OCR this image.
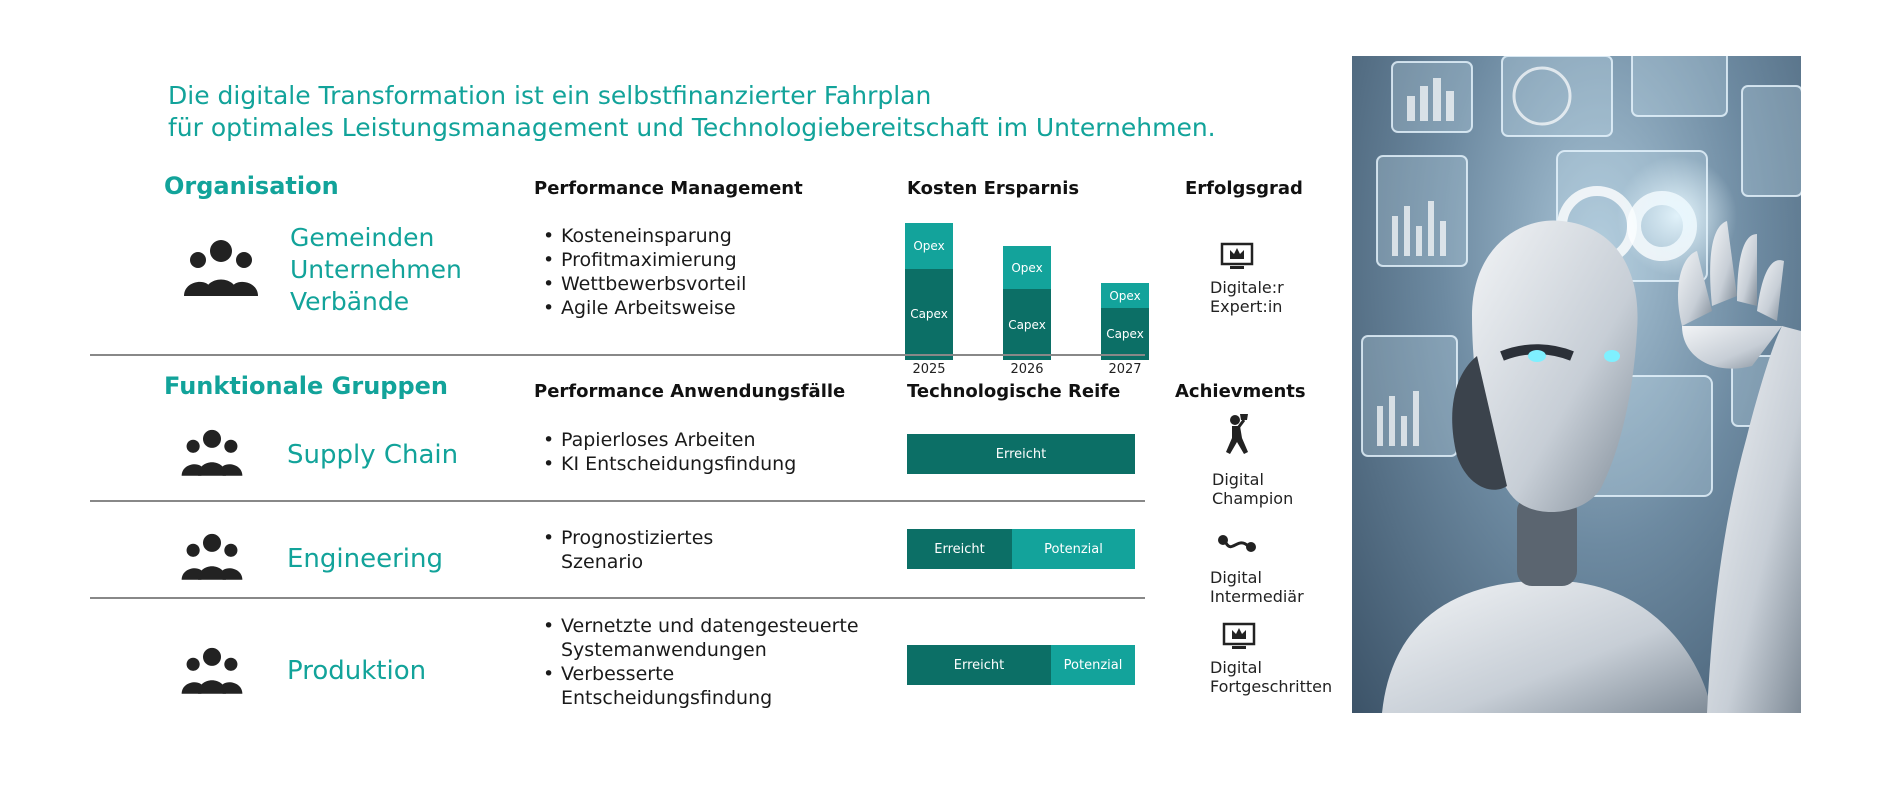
Die digitale Transformation ist ein selbstfinanzierter Fahrplan
für optimales Leistungsmanagement und Technologiebereitschaft im Unternehmen.
Organisation	Performance Management	Kosten Ersparnis	Erfolgsgrad
Gemeinden
Unternehmen
Verbände
• Kosteneinsparung
• Profitmaximierung
• Wettbewerbsvorteil
• Agile Arbeitsweise	Capex
Opex
2025
Capex
Opex
2026
Capex
Opex
2027
Digitale:r
Expert:in
Funktionale Gruppen	Performance Anwendungsfälle	Technologische Reife	Achievments
Supply Chain
•	Papierloses Arbeiten
• KI Entscheidungsfindung	Erreicht
Engineering
• Prognostiziertes Szenario
Erreicht	Potenzial
Produktion
• Vernetzte und datengesteuerte Systemanwendungen
• Verbesserte Entscheidungsfindung
Erreicht	Potenzial
Digital
Champion
Digital
Intermediär
Digital
Fortgeschritten
